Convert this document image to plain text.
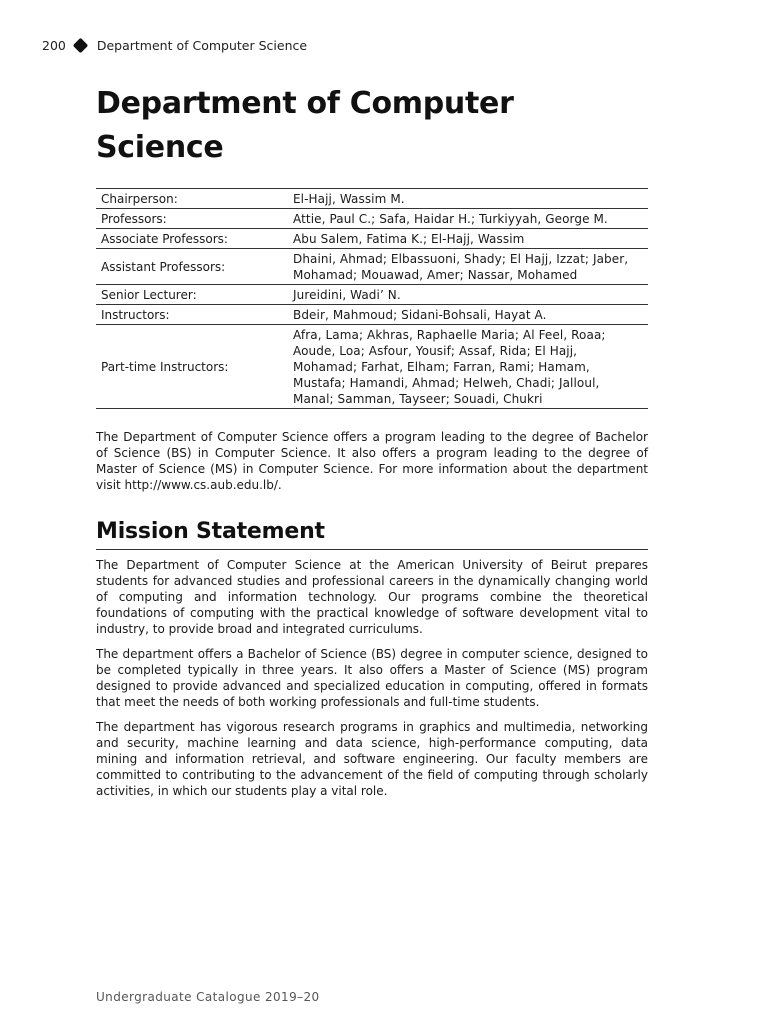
200 Department of Computer Science
Department of Computer Science
Chairperson:	El-Hajj, Wassim M.
Professors:	Attie, Paul C.; Safa, Haidar H.; Turkiyyah, George M.
Associate Professors:	Abu Salem, Fatima K.; El-Hajj, Wassim
Assistant Professors:	Dhaini, Ahmad; Elbassuoni, Shady; El Hajj, Izzat; Jaber, Mohamad; Mouawad, Amer; Nassar, Mohamed
Senior Lecturer:	Jureidini, Wadi’ N.
Instructors:	Bdeir, Mahmoud; Sidani-Bohsali, Hayat A.
Part-time Instructors:	Afra, Lama; Akhras, Raphaelle Maria; Al Feel, Roaa; Aoude, Loa; Asfour, Yousif; Assaf, Rida; El Hajj, Mohamad; Farhat, Elham; Farran, Rami; Hamam, Mustafa; Hamandi, Ahmad; Helweh, Chadi; Jalloul, Manal; Samman, Tayseer; Souadi, Chukri

The Department of Computer Science offers a program leading to the degree of Bachelor of Science (BS) in Computer Science. It also offers a program leading to the degree of Master of Science (MS) in Computer Science. For more information about the department visit http://www.cs.aub.edu.lb/.

Mission Statement

The Department of Computer Science at the American University of Beirut prepares students for advanced studies and professional careers in the dynamically changing world of computing and information technology. Our programs combine the theoretical foundations of computing with the practical knowledge of software development vital to industry, to provide broad and integrated curriculums.

The department offers a Bachelor of Science (BS) degree in computer science, designed to be completed typically in three years. It also offers a Master of Science (MS) program designed to provide advanced and specialized education in computing, offered in formats that meet the needs of both working professionals and full-time students.

The department has vigorous research programs in graphics and multimedia, networking and security, machine learning and data science, high-performance computing, data mining and information retrieval, and software engineering. Our faculty members are committed to contributing to the advancement of the field of computing through scholarly activities, in which our students play a vital role.

Undergraduate Catalogue 2019–20
